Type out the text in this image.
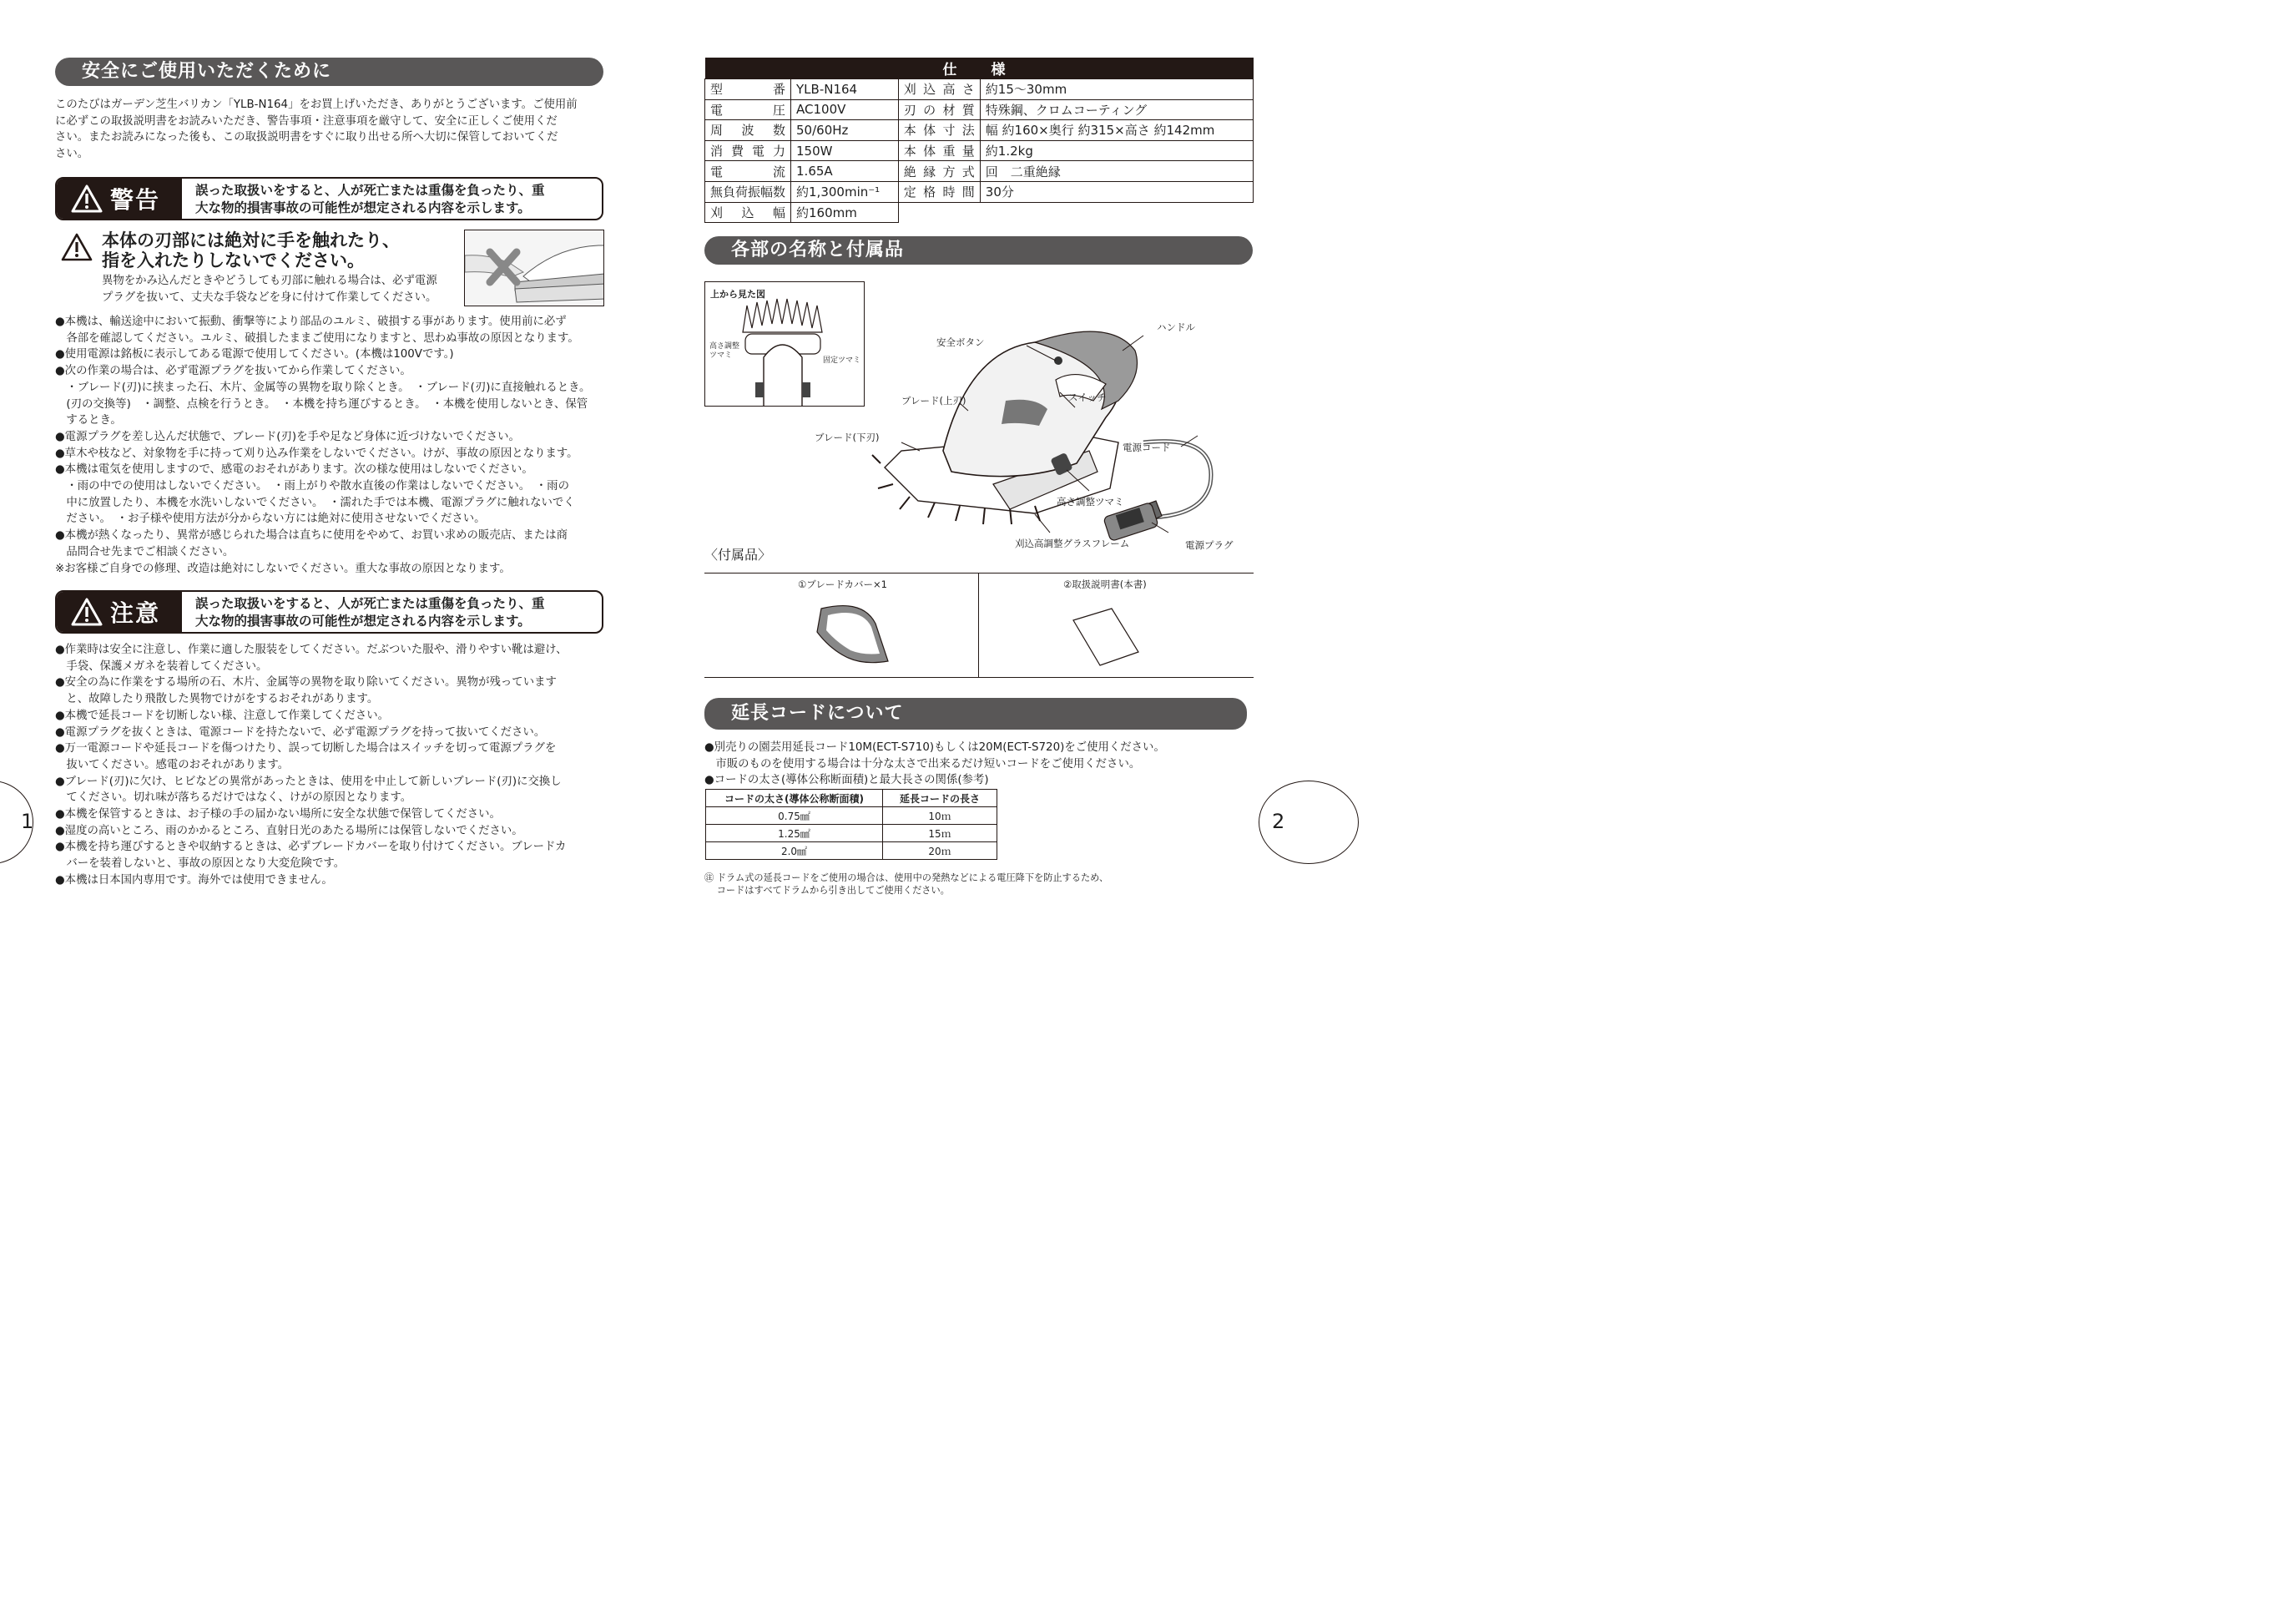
安全にご使用いただくために
このたびはガーデン芝生バリカン「YLB-N164」をお買上げいただき、ありがとうございます。ご使用前
に必ずこの取扱説明書をお読みいただき、警告事項・注意事項を厳守して、安全に正しくご使用くだ
さい。またお読みになった後も、この取扱説明書をすぐに取り出せる所へ大切に保管しておいてくだ
さい。
警告	誤った取扱いをすると、人が死亡または重傷を負ったり、重
大な物的損害事故の可能性が想定される内容を示します。
本体の刃部には絶対に手を触れたり、
指を入れたりしないでください。
異物をかみ込んだときやどうしても刃部に触れる場合は、必ず電源
プラグを抜いて、丈夫な手袋などを身に付けて作業してください。
●本機は、輸送途中において振動、衝撃等により部品のユルミ、破損する事があります。使用前に必ず
　各部を確認してください。ユルミ、破損したままご使用になりますと、思わぬ事故の原因となります。
●使用電源は銘板に表示してある電源で使用してください。(本機は100Vです。)
●次の作業の場合は、必ず電源プラグを抜いてから作業してください。
　・ブレード(刃)に挟まった石、木片、金属等の異物を取り除くとき。　・ブレード(刃)に直接触れるとき。
　(刃の交換等)　・調整、点検を行うとき。　・本機を持ち運びするとき。　・本機を使用しないとき、保管
　するとき。
●電源プラグを差し込んだ状態で、ブレード(刃)を手や足など身体に近づけないでください。
●草木や枝など、対象物を手に持って刈り込み作業をしないでください。けが、事故の原因となります。
●本機は電気を使用しますので、感電のおそれがあります。次の様な使用はしないでください。
　・雨の中での使用はしないでください。　・雨上がりや散水直後の作業はしないでください。　・雨の
　中に放置したり、本機を水洗いしないでください。　・濡れた手では本機、電源プラグに触れないでく
　ださい。　・お子様や使用方法が分からない方には絶対に使用させないでください。
●本機が熱くなったり、異常が感じられた場合は直ちに使用をやめて、お買い求めの販売店、または商
　品問合せ先までご相談ください。
※お客様ご自身での修理、改造は絶対にしないでください。重大な事故の原因となります。
注意	誤った取扱いをすると、人が死亡または重傷を負ったり、重
大な物的損害事故の可能性が想定される内容を示します。
●作業時は安全に注意し、作業に適した服装をしてください。だぶついた服や、滑りやすい靴は避け、
　手袋、保護メガネを装着してください。
●安全の為に作業をする場所の石、木片、金属等の異物を取り除いてください。異物が残っています
　と、故障したり飛散した異物でけがをするおそれがあります。
●本機で延長コードを切断しない様、注意して作業してください。
●電源プラグを抜くときは、電源コードを持たないで、必ず電源プラグを持って抜いてください。
●万一電源コードや延長コードを傷つけたり、誤って切断した場合はスイッチを切って電源プラグを
　抜いてください。感電のおそれがあります。
●ブレード(刃)に欠け、ヒビなどの異常があったときは、使用を中止して新しいブレード(刃)に交換し
　てください。切れ味が落ちるだけではなく、けがの原因となります。
●本機を保管するときは、お子様の手の届かない場所に安全な状態で保管してください。
●湿度の高いところ、雨のかかるところ、直射日光のあたる場所には保管しないでください。
●本機を持ち運びするときや収納するときは、必ずブレードカバーを取り付けてください。ブレードカ
　バーを装着しないと、事故の原因となり大変危険です。
●本機は日本国内専用です。海外では使用できません。
1
仕　様			
型番	YLB-N164	刈込高さ	約15～30mm
電圧	AC100V	刃の材質	特殊鋼、クロムコーティング
周波数	50/60Hz	本体寸法	幅 約160×奥行 約315×高さ 約142mm
消費電力	150W	本体重量	約1.2kg
電流	1.65A	絶縁方式	回　二重絶縁
無負荷振幅数	約1,300min⁻¹	定格時間	30分
刈込幅	約160mm		
各部の名称と付属品
上から見た図
高さ調整
ツマミ
固定ツマミ
ハンドル
安全ボタン
スイッチ
ブレード(上刃)
ブレード(下刃)
電源コード
高さ調整ツマミ
刈込高調整グラスフレーム	電源プラグ
〈付属品〉
①ブレードカバー×1	②取扱説明書(本書)
延長コードについて
●別売りの園芸用延長コード10M(ECT-S710)もしくは20M(ECT-S720)をご使用ください。
　市販のものを使用する場合は十分な太さで出来るだけ短いコードをご使用ください。
●コードの太さ(導体公称断面積)と最大長さの関係(参考)
コードの太さ(導体公称断面積)	延長コードの長さ
0.75㎟	10ｍ
1.25㎟	15ｍ
2.0㎟	20ｍ
㊟ ドラム式の延長コードをご使用の場合は、使用中の発熱などによる電圧降下を防止するため、
　 コードはすべてドラムから引き出してご使用ください。
2
